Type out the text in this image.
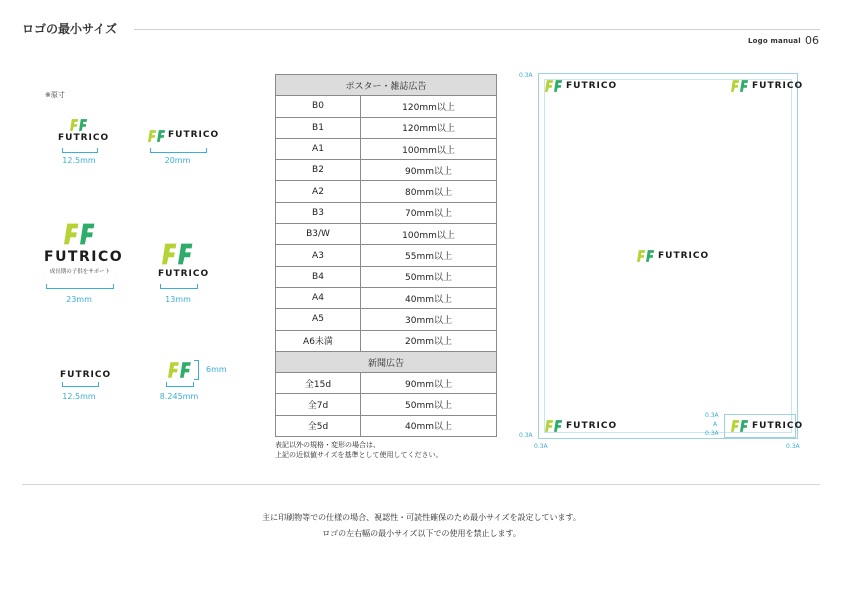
ロゴの最小サイズ
Logo manual 06
※原寸
FUTRICO
12.5mm
FUTRICO
20mm
FUTRICO
成長期の子供をサポート
23mm
FUTRICO
13mm
FUTRICO
12.5mm
6mm
8.245mm
ポスター・雑誌広告	
B0	120mm以上
B1	120mm以上
A1	100mm以上
B2	90mm以上
A2	80mm以上
B3	70mm以上
B3/W	100mm以上
A3	55mm以上
B4	50mm以上
A4	40mm以上
A5	30mm以上
A6未満	20mm以上
新聞広告	
全15d	90mm以上
全7d	50mm以上
全5d	40mm以上
表記以外の規格・変形の場合は、
上記の近似値サイズを基準として使用してください。
0.3A
0.3A
0.3A	0.3A
FUTRICO	FUTRICO
FUTRICO
FUTRICO
0.3A
A
0.3A
FUTRICO
主に印刷物等での仕様の場合、視認性・可読性確保のため最小サイズを設定しています。
ロゴの左右幅の最小サイズ以下での使用を禁止します。
